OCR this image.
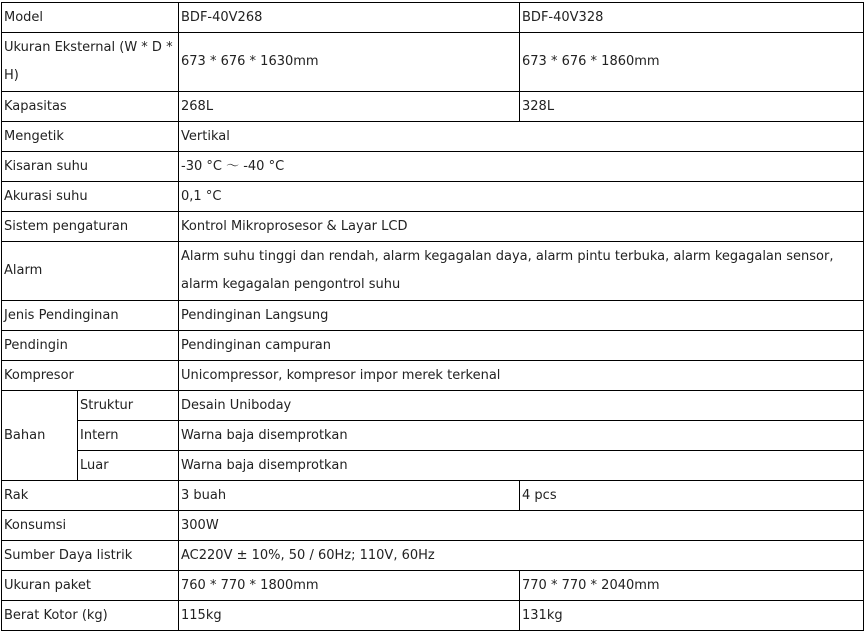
Model		BDF-40V268	BDF-40V328
Ukuran Eksternal (W * D * H)		673 * 676 * 1630mm	673 * 676 * 1860mm
Kapasitas		268L	328L
Mengetik		Vertikal	
Kisaran suhu		-30 °C ～ -40 °C	
Akurasi suhu		0,1 °C	
Sistem pengaturan		Kontrol Mikroprosesor & Layar LCD	
Alarm		Alarm suhu tinggi dan rendah, alarm kegagalan daya, alarm pintu terbuka, alarm kegagalan sensor, alarm kegagalan pengontrol suhu	
Jenis Pendinginan		Pendinginan Langsung	
Pendingin		Pendinginan campuran	
Kompresor		Unicompressor, kompresor impor merek terkenal	
Bahan	Struktur	Desain Uniboday	
	Intern	Warna baja disemprotkan	
	Luar	Warna baja disemprotkan	
Rak		3 buah	4 pcs
Konsumsi		300W	
Sumber Daya listrik		AC220V ± 10%, 50 / 60Hz; 110V, 60Hz	
Ukuran paket		760 * 770 * 1800mm	770 * 770 * 2040mm
Berat Kotor (kg)		115kg	131kg
